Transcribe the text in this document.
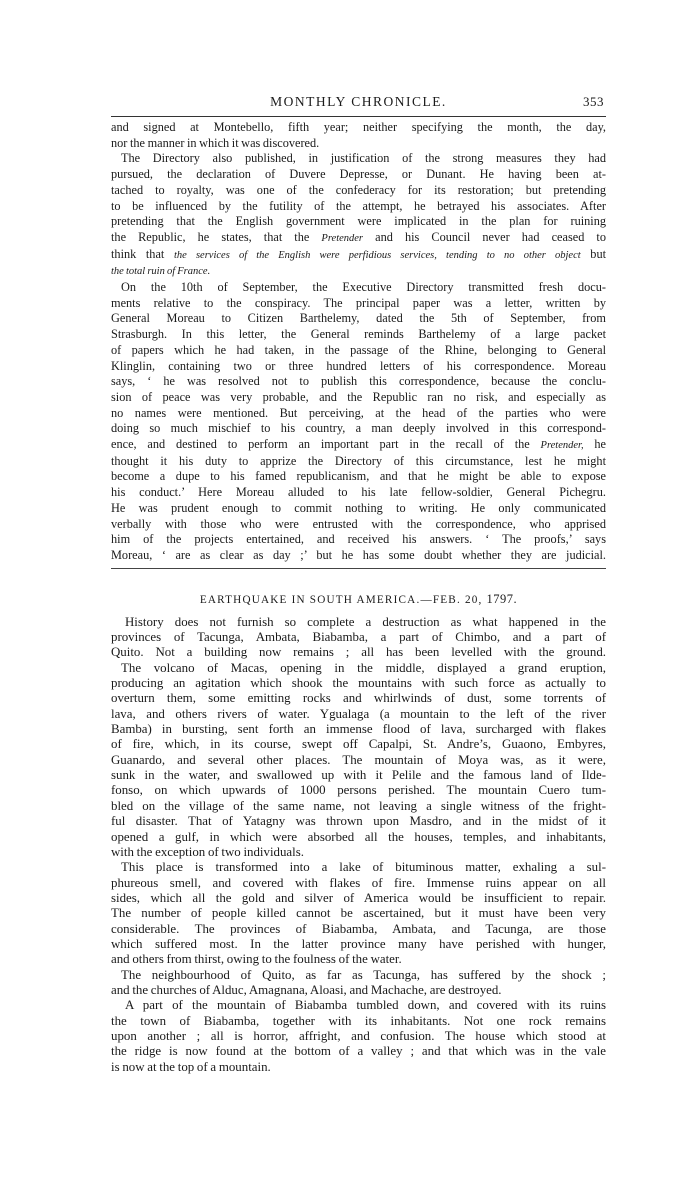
MONTHLY CHRONICLE.	353

and signed at Montebello, fifth year; neither specifying the month, the day,

nor the manner in which it was discovered.

The Directory also published, in justification of the strong measures they had

pursued, the declaration of Duvere Depresse, or Dunant. He having been at-

tached to royalty, was one of the confederacy for its restoration; but pretending

to be influenced by the futility of the attempt, he betrayed his associates. After

pretending that the English government were implicated in the plan for ruining

the Republic, he states, that the Pretender and his Council never had ceased to

think that the services of the English were perfidious services, tending to no other object but

the total ruin of France.

On the 10th of September, the Executive Directory transmitted fresh docu-

ments relative to the conspiracy. The principal paper was a letter, written by

General Moreau to Citizen Barthelemy, dated the 5th of September, from

Strasburgh. In this letter, the General reminds Barthelemy of a large packet

of papers which he had taken, in the passage of the Rhine, belonging to General

Klinglin, containing two or three hundred letters of his correspondence. Moreau

says, ‘ he was resolved not to publish this correspondence, because the conclu-

sion of peace was very probable, and the Republic ran no risk, and especially as

no names were mentioned. But perceiving, at the head of the parties who were

doing so much mischief to his country, a man deeply involved in this correspond-

ence, and destined to perform an important part in the recall of the Pretender, he

thought it his duty to apprize the Directory of this circumstance, lest he might

become a dupe to his famed republicanism, and that he might be able to expose

his conduct.’ Here Moreau alluded to his late fellow-soldier, General Pichegru.

He was prudent enough to commit nothing to writing. He only communicated

verbally with those who were entrusted with the correspondence, who apprised

him of the projects entertained, and received his answers. ‘ The proofs,’ says

Moreau, ‘ are as clear as day ;’ but he has some doubt whether they are judicial.

EARTHQUAKE IN SOUTH AMERICA.—FEB. 20, 1797.

History does not furnish so complete a destruction as what happened in the

provinces of Tacunga, Ambata, Biabamba, a part of Chimbo, and a part of

Quito. Not a building now remains ; all has been levelled with the ground.

The volcano of Macas, opening in the middle, displayed a grand eruption,

producing an agitation which shook the mountains with such force as actually to

overturn them, some emitting rocks and whirlwinds of dust, some torrents of

lava, and others rivers of water. Ygualaga (a mountain to the left of the river

Bamba) in bursting, sent forth an immense flood of lava, surcharged with flakes

of fire, which, in its course, swept off Capalpi, St. Andre’s, Guaono, Embyres,

Guanardo, and several other places. The mountain of Moya was, as it were,

sunk in the water, and swallowed up with it Pelile and the famous land of Ilde-

fonso, on which upwards of 1000 persons perished. The mountain Cuero tum-

bled on the village of the same name, not leaving a single witness of the fright-

ful disaster. That of Yatagny was thrown upon Masdro, and in the midst of it

opened a gulf, in which were absorbed all the houses, temples, and inhabitants,

with the exception of two individuals.

This place is transformed into a lake of bituminous matter, exhaling a sul-

phureous smell, and covered with flakes of fire. Immense ruins appear on all

sides, which all the gold and silver of America would be insufficient to repair.

The number of people killed cannot be ascertained, but it must have been very

considerable. The provinces of Biabamba, Ambata, and Tacunga, are those

which suffered most. In the latter province many have perished with hunger,

and others from thirst, owing to the foulness of the water.

The neighbourhood of Quito, as far as Tacunga, has suffered by the shock ;

and the churches of Alduc, Amagnana, Aloasi, and Machache, are destroyed.

A part of the mountain of Biabamba tumbled down, and covered with its ruins

the town of Biabamba, together with its inhabitants. Not one rock remains

upon another ; all is horror, affright, and confusion. The house which stood at

the ridge is now found at the bottom of a valley ; and that which was in the vale

is now at the top of a mountain.
